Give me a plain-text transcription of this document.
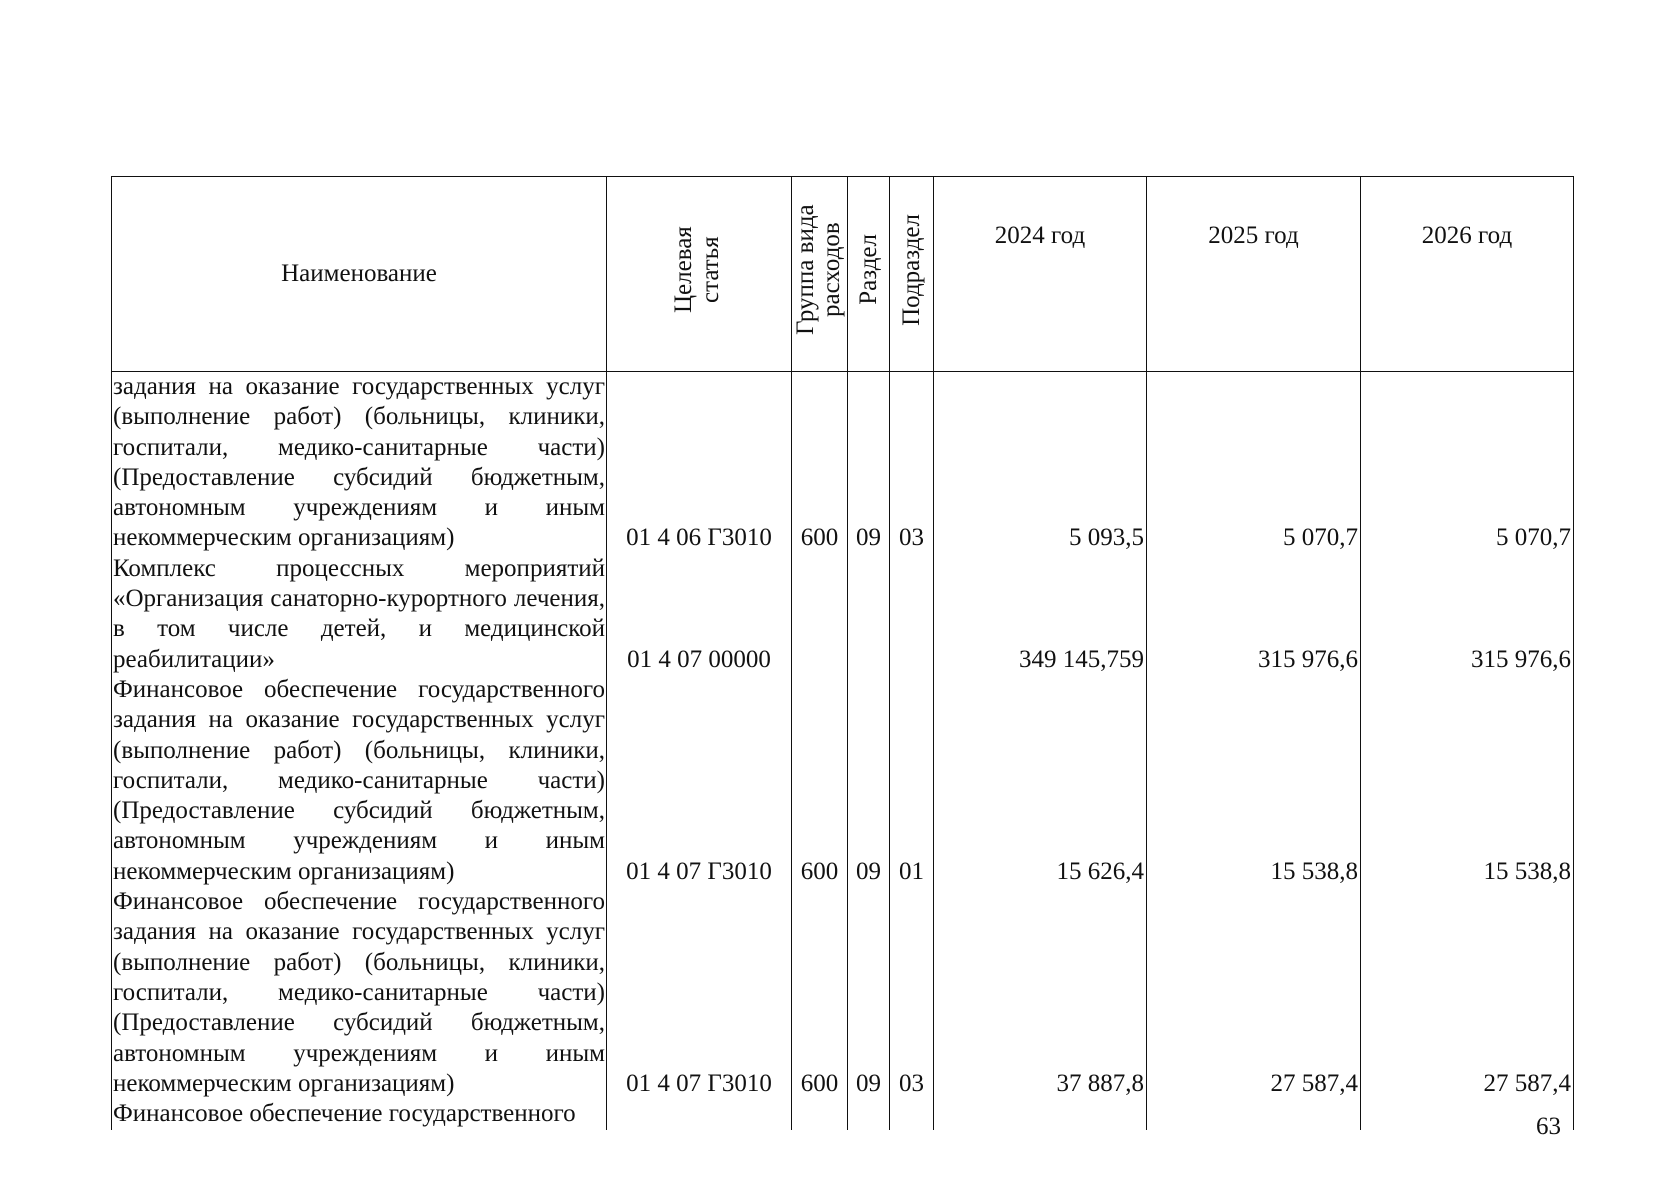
Наименование	Целевая статья	Группа вида расходов	Раздел	Подраздел	2024 год	2025 год	2026 год
задания на оказание государственных услуг (выполнение работ) (больницы, клиники, госпитали, медико-санитарные части) (Предоставление субсидий бюджетным, автономным учреждениям и иным некоммерческим организациям)	01 4 06 Г3010	600	09	03	5 093,5	5 070,7	5 070,7
Комплекс процессных мероприятий «Организация санаторно-курортного лечения, в том числе детей, и медицинской реабилитации»	01 4 07 00000				349 145,759	315 976,6	315 976,6
Финансовое обеспечение государственного задания на оказание государственных услуг (выполнение работ) (больницы, клиники, госпитали, медико-санитарные части) (Предоставление субсидий бюджетным, автономным учреждениям и иным некоммерческим организациям)	01 4 07 Г3010	600	09	01	15 626,4	15 538,8	15 538,8
Финансовое обеспечение государственного задания на оказание государственных услуг (выполнение работ) (больницы, клиники, госпитали, медико-санитарные части) (Предоставление субсидий бюджетным, автономным учреждениям и иным некоммерческим организациям)	01 4 07 Г3010	600	09	03	37 887,8	27 587,4	27 587,4
Финансовое обеспечение государственного								63
